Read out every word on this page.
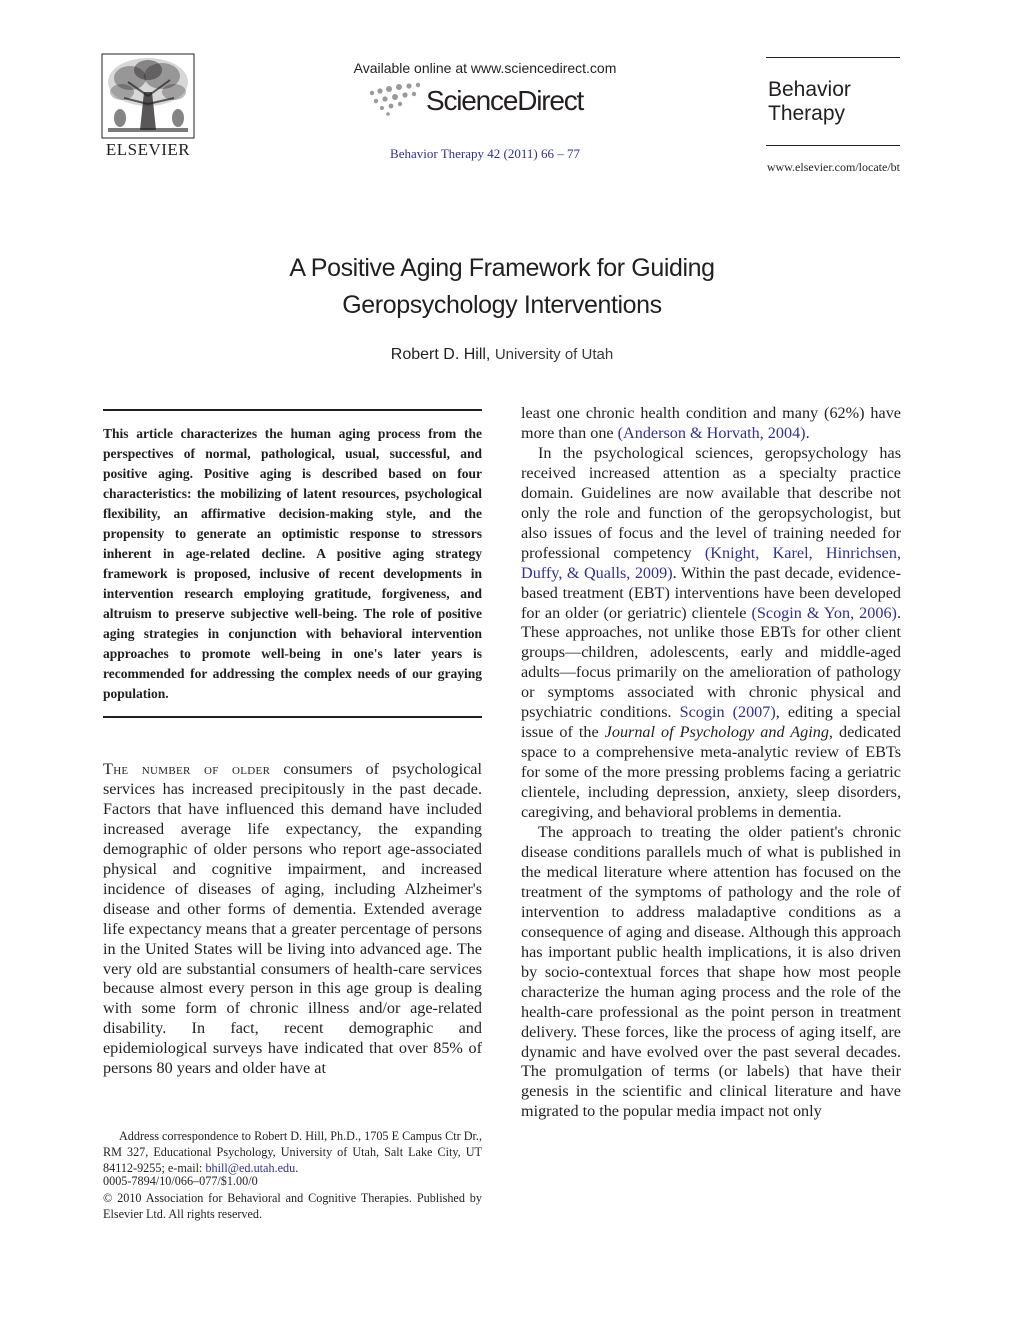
ELSEVIER
Available online at www.sciencedirect.com
ScienceDirect
Behavior Therapy 42 (2011) 66 – 77
Behavior
Therapy
www.elsevier.com/locate/bt
A Positive Aging Framework for Guiding
Geropsychology Interventions
Robert D. Hill, University of Utah
This article characterizes the human aging process from the perspectives of normal, pathological, usual, successful, and positive aging. Positive aging is described based on four characteristics: the mobilizing of latent resources, psychological flexibility, an affirmative decision-making style, and the propensity to generate an optimistic response to stressors inherent in age-related decline. A positive aging strategy framework is proposed, inclusive of recent developments in intervention research employing gratitude, forgiveness, and altruism to preserve subjective well-being. The role of positive aging strategies in conjunction with behavioral intervention approaches to promote well-being in one's later years is recommended for addressing the complex needs of our graying population.

The number of older consumers of psychological services has increased precipitously in the past decade. Factors that have influenced this demand have included increased average life expectancy, the expanding demographic of older persons who report age-associated physical and cognitive impairment, and increased incidence of diseases of aging, including Alzheimer's disease and other forms of dementia. Extended average life expectancy means that a greater percentage of persons in the United States will be living into advanced age. The very old are substantial consumers of health-care services because almost every person in this age group is dealing with some form of chronic illness and/or age-related disability. In fact, recent demographic and epidemiological surveys have indicated that over 85% of persons 80 years and older have at

Address correspondence to Robert D. Hill, Ph.D., 1705 E Campus Ctr Dr., RM 327, Educational Psychology, University of Utah, Salt Lake City, UT 84112-9255; e-mail: bhill@ed.utah.edu.

0005-7894/10/066–077/$1.00/0

© 2010 Association for Behavioral and Cognitive Therapies. Published by Elsevier Ltd. All rights reserved.

least one chronic health condition and many (62%) have more than one (Anderson & Horvath, 2004).

In the psychological sciences, geropsychology has received increased attention as a specialty practice domain. Guidelines are now available that describe not only the role and function of the geropsychologist, but also issues of focus and the level of training needed for professional competency (Knight, Karel, Hinrichsen, Duffy, & Qualls, 2009). Within the past decade, evidence-based treatment (EBT) interventions have been developed for an older (or geriatric) clientele (Scogin & Yon, 2006). These approaches, not unlike those EBTs for other client groups—children, adolescents, early and middle-aged adults—focus primarily on the amelioration of pathology or symptoms associated with chronic physical and psychiatric conditions. Scogin (2007), editing a special issue of the Journal of Psychology and Aging, dedicated space to a comprehensive meta-analytic review of EBTs for some of the more pressing problems facing a geriatric clientele, including depression, anxiety, sleep disorders, caregiving, and behavioral problems in dementia.

The approach to treating the older patient's chronic disease conditions parallels much of what is published in the medical literature where attention has focused on the treatment of the symptoms of pathology and the role of intervention to address maladaptive conditions as a consequence of aging and disease. Although this approach has important public health implications, it is also driven by socio-contextual forces that shape how most people characterize the human aging process and the role of the health-care professional as the point person in treatment delivery. These forces, like the process of aging itself, are dynamic and have evolved over the past several decades. The promulgation of terms (or labels) that have their genesis in the scientific and clinical literature and have migrated to the popular media impact not only
